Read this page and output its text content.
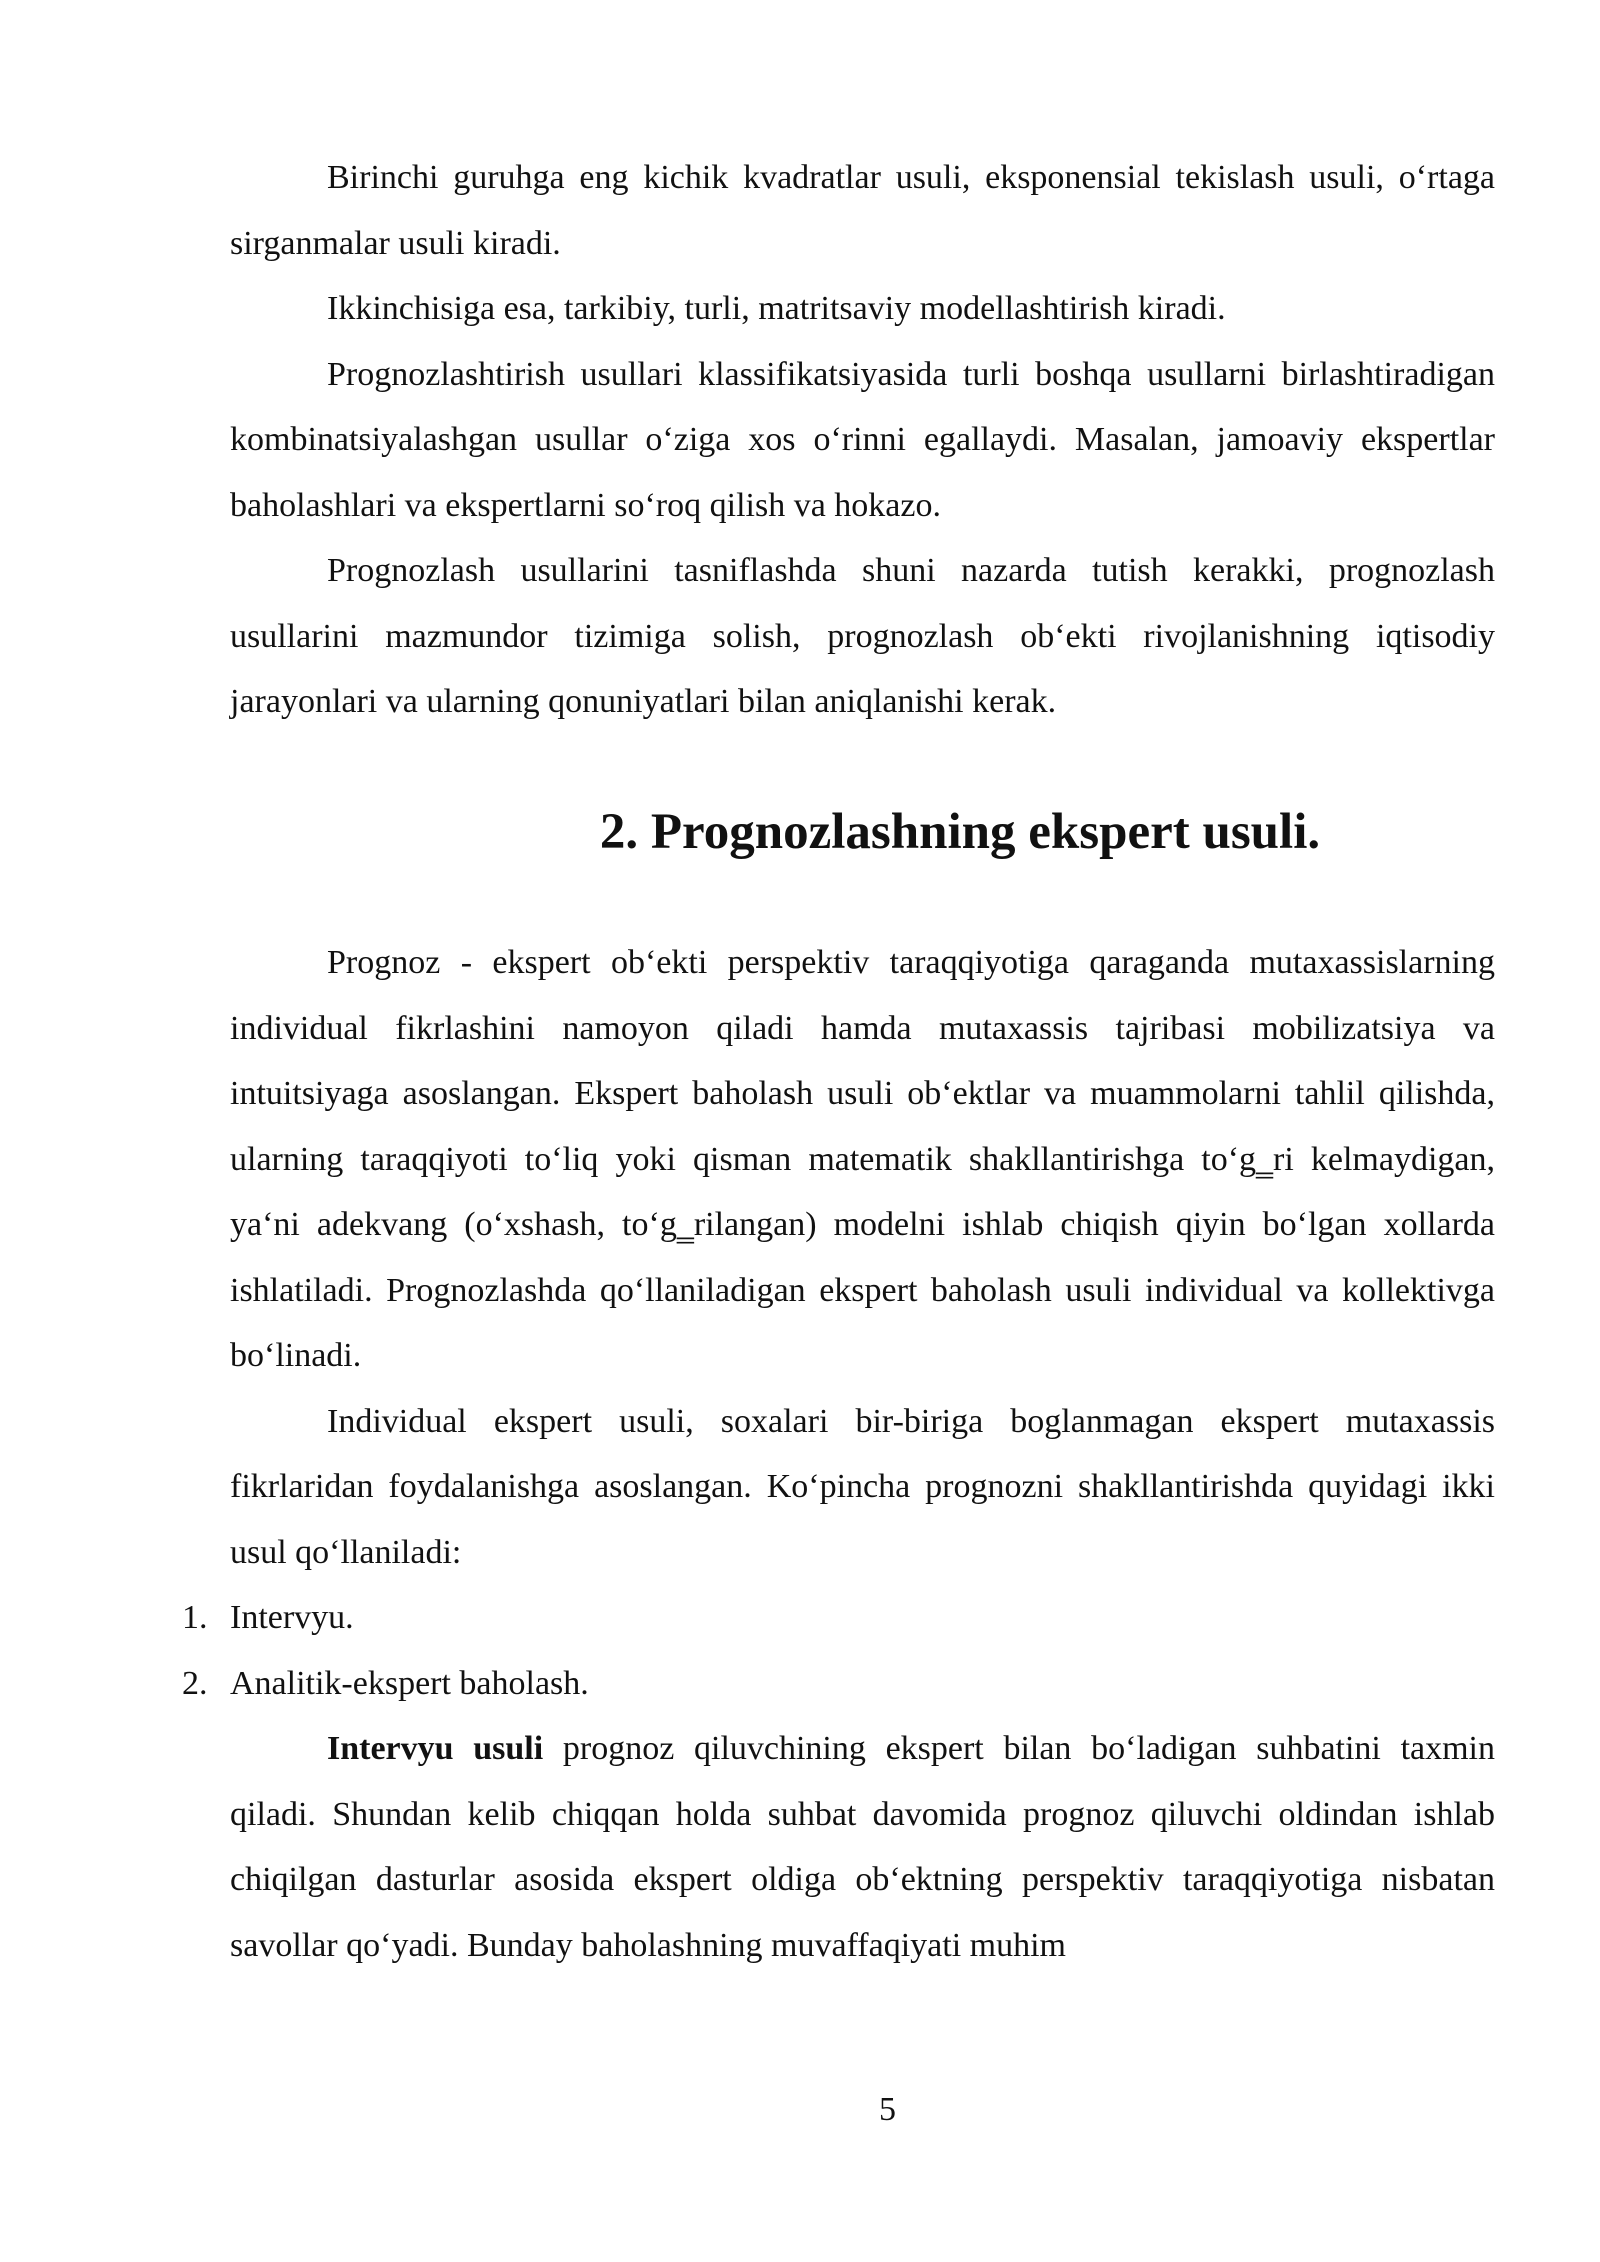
Birinchi guruhga eng kichik kvadratlar usuli, eksponensial tekislash usuli, o‘rtaga sirganmalar usuli kiradi.

Ikkinchisiga esa, tarkibiy, turli, matritsaviy modellashtirish kiradi.

Prognozlashtirish usullari klassifikatsiyasida turli boshqa usullarni birlashtiradigan kombinatsiyalashgan usullar o‘ziga xos o‘rinni egallaydi. Masalan, jamoaviy ekspertlar baholashlari va ekspertlarni so‘roq qilish va hokazo.

Prognozlash usullarini tasniflashda shuni nazarda tutish kerakki, prognozlash usullarini mazmundor tizimiga solish, prognozlash ob‘ekti rivojlanishning iqtisodiy jarayonlari va ularning qonuniyatlari bilan aniqlanishi kerak.

2. Prognozlashning ekspert usuli.

Prognoz - ekspert ob‘ekti perspektiv taraqqiyotiga qaraganda mutaxassislarning individual fikrlashini namoyon qiladi hamda mutaxassis tajribasi mobilizatsiya va intuitsiyaga asoslangan. Ekspert baholash usuli ob‘ektlar va muammolarni tahlil qilishda, ularning taraqqiyoti to‘liq yoki qisman matematik shakllantirishga to‘g‗ri kelmaydigan, ya‘ni adekvang (o‘xshash, to‘g‗rilangan) modelni ishlab chiqish qiyin bo‘lgan xollarda ishlatiladi. Prognozlashda qo‘llaniladigan ekspert baholash usuli individual va kollektivga bo‘linadi.

Individual ekspert usuli, soxalari bir-biriga boglanmagan ekspert mutaxassis fikrlaridan foydalanishga asoslangan. Ko‘pincha prognozni shakllantirishda quyidagi ikki usul qo‘llaniladi:

1. Intervyu.
2. Analitik-ekspert baholash.

Intervyu usuli prognoz qiluvchining ekspert bilan bo‘ladigan suhbatini taxmin qiladi. Shundan kelib chiqqan holda suhbat davomida prognoz qiluvchi oldindan ishlab chiqilgan dasturlar asosida ekspert oldiga ob‘ektning perspektiv taraqqiyotiga nisbatan savollar qo‘yadi. Bunday baholashning muvaffaqiyati muhim

5
